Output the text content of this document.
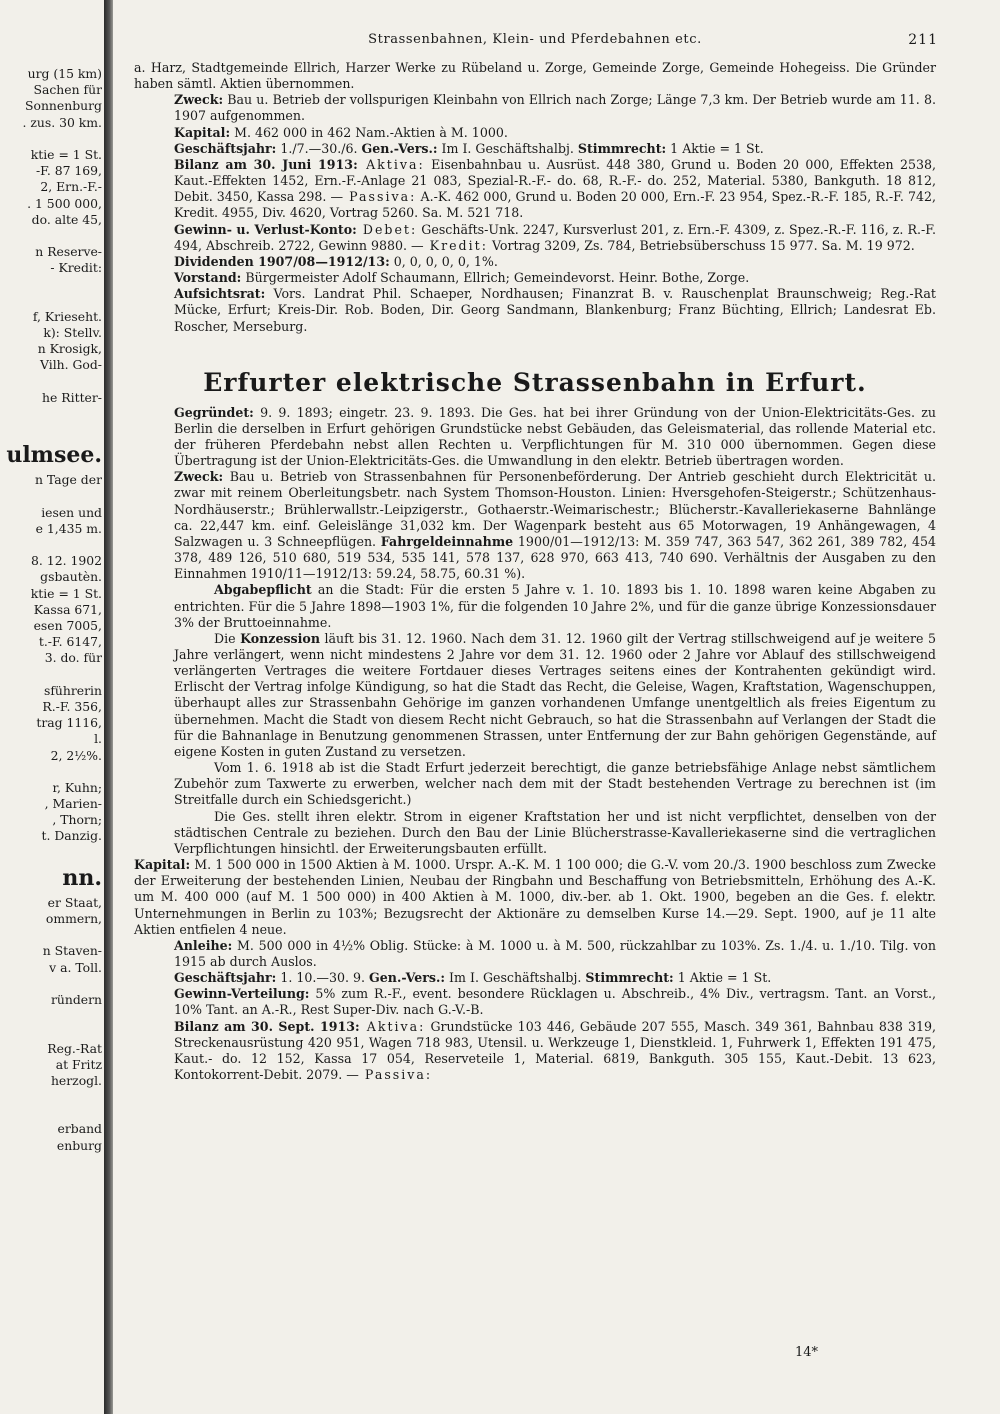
urg (15 km)
Sachen für
Sonnenburg
. zus. 30 km.

ktie = 1 St.
-F. 87 169,
2, Ern.-F.-
. 1 500 000,
do. alte 45,

n Reserve-
- Kredit:

f, Krieseht.
k): Stellv.
n Krosigk,
Vilh. God-

he Ritter-

ulmsee.
n Tage der

iesen und
e 1,435 m.

8. 12. 1902
gsbautèn.
ktie = 1 St.
Kassa 671,
esen 7005,
t.-F. 6147,
3. do. für

sführerin
R.-F. 356,
trag 1116,
l.
2, 2½%.

r, Kuhn;
, Marien-
, Thorn;
t. Danzig.

nn.
er Staat,
ommern,

n Staven-
v a. Toll.

ründern

Reg.-Rat
at Fritz
herzogl.

erband
enburg
Strassenbahnen, Klein- und Pferdebahnen etc.	211

a. Harz, Stadtgemeinde Ellrich, Harzer Werke zu Rübeland u. Zorge, Gemeinde Zorge, Gemeinde Hohegeiss. Die Gründer haben sämtl. Aktien übernommen.

Zweck: Bau u. Betrieb der vollspurigen Kleinbahn von Ellrich nach Zorge; Länge 7,3 km. Der Betrieb wurde am 11. 8. 1907 aufgenommen.

Kapital: M. 462 000 in 462 Nam.-Aktien à M. 1000.

Geschäftsjahr: 1./7.—30./6. Gen.-Vers.: Im I. Geschäftshalbj. Stimmrecht: 1 Aktie = 1 St.

Bilanz am 30. Juni 1913: Aktiva: Eisenbahnbau u. Ausrüst. 448 380, Grund u. Boden 20 000, Effekten 2538, Kaut.-Effekten 1452, Ern.-F.-Anlage 21 083, Spezial-R.-F.- do. 68, R.-F.- do. 252, Material. 5380, Bankguth. 18 812, Debit. 3450, Kassa 298. — Passiva: A.-K. 462 000, Grund u. Boden 20 000, Ern.-F. 23 954, Spez.-R.-F. 185, R.-F. 742, Kredit. 4955, Div. 4620, Vortrag 5260. Sa. M. 521 718.

Gewinn- u. Verlust-Konto: Debet: Geschäfts-Unk. 2247, Kursverlust 201, z. Ern.-F. 4309, z. Spez.-R.-F. 116, z. R.-F. 494, Abschreib. 2722, Gewinn 9880. — Kredit: Vortrag 3209, Zs. 784, Betriebsüberschuss 15 977. Sa. M. 19 972.

Dividenden 1907/08—1912/13: 0, 0, 0, 0, 0, 1%.

Vorstand: Bürgermeister Adolf Schaumann, Ellrich; Gemeindevorst. Heinr. Bothe, Zorge.

Aufsichtsrat: Vors. Landrat Phil. Schaeper, Nordhausen; Finanzrat B. v. Rauschenplat Braunschweig; Reg.-Rat Mücke, Erfurt; Kreis-Dir. Rob. Boden, Dir. Georg Sandmann, Blankenburg; Franz Büchting, Ellrich; Landesrat Eb. Roscher, Merseburg.

Erfurter elektrische Strassenbahn in Erfurt.

Gegründet: 9. 9. 1893; eingetr. 23. 9. 1893. Die Ges. hat bei ihrer Gründung von der Union-Elektricitäts-Ges. zu Berlin die derselben in Erfurt gehörigen Grundstücke nebst Gebäuden, das Geleismaterial, das rollende Material etc. der früheren Pferdebahn nebst allen Rechten u. Verpflichtungen für M. 310 000 übernommen. Gegen diese Übertragung ist der Union-Elektricitäts-Ges. die Umwandlung in den elektr. Betrieb übertragen worden.

Zweck: Bau u. Betrieb von Strassenbahnen für Personenbeförderung. Der Antrieb geschieht durch Elektricität u. zwar mit reinem Oberleitungsbetr. nach System Thomson-Houston. Linien: Hversgehofen-Steigerstr.; Schützenhaus-Nordhäuserstr.; Brühlerwallstr.-Leipzigerstr., Gothaerstr.-Weimarischestr.; Blücherstr.-Kavalleriekaserne Bahnlänge ca. 22,447 km. einf. Geleislänge 31,032 km. Der Wagenpark besteht aus 65 Motorwagen, 19 Anhängewagen, 4 Salzwagen u. 3 Schneepflügen. Fahrgeldeinnahme 1900/01—1912/13: M. 359 747, 363 547, 362 261, 389 782, 454 378, 489 126, 510 680, 519 534, 535 141, 578 137, 628 970, 663 413, 740 690. Verhältnis der Ausgaben zu den Einnahmen 1910/11—1912/13: 59.24, 58.75, 60.31 %).

Abgabepflicht an die Stadt: Für die ersten 5 Jahre v. 1. 10. 1893 bis 1. 10. 1898 waren keine Abgaben zu entrichten. Für die 5 Jahre 1898—1903 1%, für die folgenden 10 Jahre 2%, und für die ganze übrige Konzessionsdauer 3% der Bruttoeinnahme.

Die Konzession läuft bis 31. 12. 1960. Nach dem 31. 12. 1960 gilt der Vertrag stillschweigend auf je weitere 5 Jahre verlängert, wenn nicht mindestens 2 Jahre vor dem 31. 12. 1960 oder 2 Jahre vor Ablauf des stillschweigend verlängerten Vertrages die weitere Fortdauer dieses Vertrages seitens eines der Kontrahenten gekündigt wird. Erlischt der Vertrag infolge Kündigung, so hat die Stadt das Recht, die Geleise, Wagen, Kraftstation, Wagenschuppen, überhaupt alles zur Strassenbahn Gehörige im ganzen vorhandenen Umfange unentgeltlich als freies Eigentum zu übernehmen. Macht die Stadt von diesem Recht nicht Gebrauch, so hat die Strassenbahn auf Verlangen der Stadt die für die Bahnanlage in Benutzung genommenen Strassen, unter Entfernung der zur Bahn gehörigen Gegenstände, auf eigene Kosten in guten Zustand zu versetzen.

Vom 1. 6. 1918 ab ist die Stadt Erfurt jederzeit berechtigt, die ganze betriebsfähige Anlage nebst sämtlichem Zubehör zum Taxwerte zu erwerben, welcher nach dem mit der Stadt bestehenden Vertrage zu berechnen ist (im Streitfalle durch ein Schiedsgericht.)

Die Ges. stellt ihren elektr. Strom in eigener Kraftstation her und ist nicht verpflichtet, denselben von der städtischen Centrale zu beziehen. Durch den Bau der Linie Blücherstrasse-Kavalleriekaserne sind die vertraglichen Verpflichtungen hinsichtl. der Erweiterungsbauten erfüllt.

Kapital: M. 1 500 000 in 1500 Aktien à M. 1000. Urspr. A.-K. M. 1 100 000; die G.-V. vom 20./3. 1900 beschloss zum Zwecke der Erweiterung der bestehenden Linien, Neubau der Ringbahn und Beschaffung von Betriebsmitteln, Erhöhung des A.-K. um M. 400 000 (auf M. 1 500 000) in 400 Aktien à M. 1000, div.-ber. ab 1. Okt. 1900, begeben an die Ges. f. elektr. Unternehmungen in Berlin zu 103%; Bezugsrecht der Aktionäre zu demselben Kurse 14.—29. Sept. 1900, auf je 11 alte Aktien entfielen 4 neue.

Anleihe: M. 500 000 in 4½% Oblig. Stücke: à M. 1000 u. à M. 500, rückzahlbar zu 103%. Zs. 1./4. u. 1./10. Tilg. von 1915 ab durch Auslos.

Geschäftsjahr: 1. 10.—30. 9. Gen.-Vers.: Im I. Geschäftshalbj. Stimmrecht: 1 Aktie = 1 St.

Gewinn-Verteilung: 5% zum R.-F., event. besondere Rücklagen u. Abschreib., 4% Div., vertragsm. Tant. an Vorst., 10% Tant. an A.-R., Rest Super-Div. nach G.-V.-B.

Bilanz am 30. Sept. 1913: Aktiva: Grundstücke 103 446, Gebäude 207 555, Masch. 349 361, Bahnbau 838 319, Streckenausrüstung 420 951, Wagen 718 983, Utensil. u. Werkzeuge 1, Dienstkleid. 1, Fuhrwerk 1, Effekten 191 475, Kaut.- do. 12 152, Kassa 17 054, Reserveteile 1, Material. 6819, Bankguth. 305 155, Kaut.-Debit. 13 623, Kontokorrent-Debit. 2079. — Passiva:

14*
